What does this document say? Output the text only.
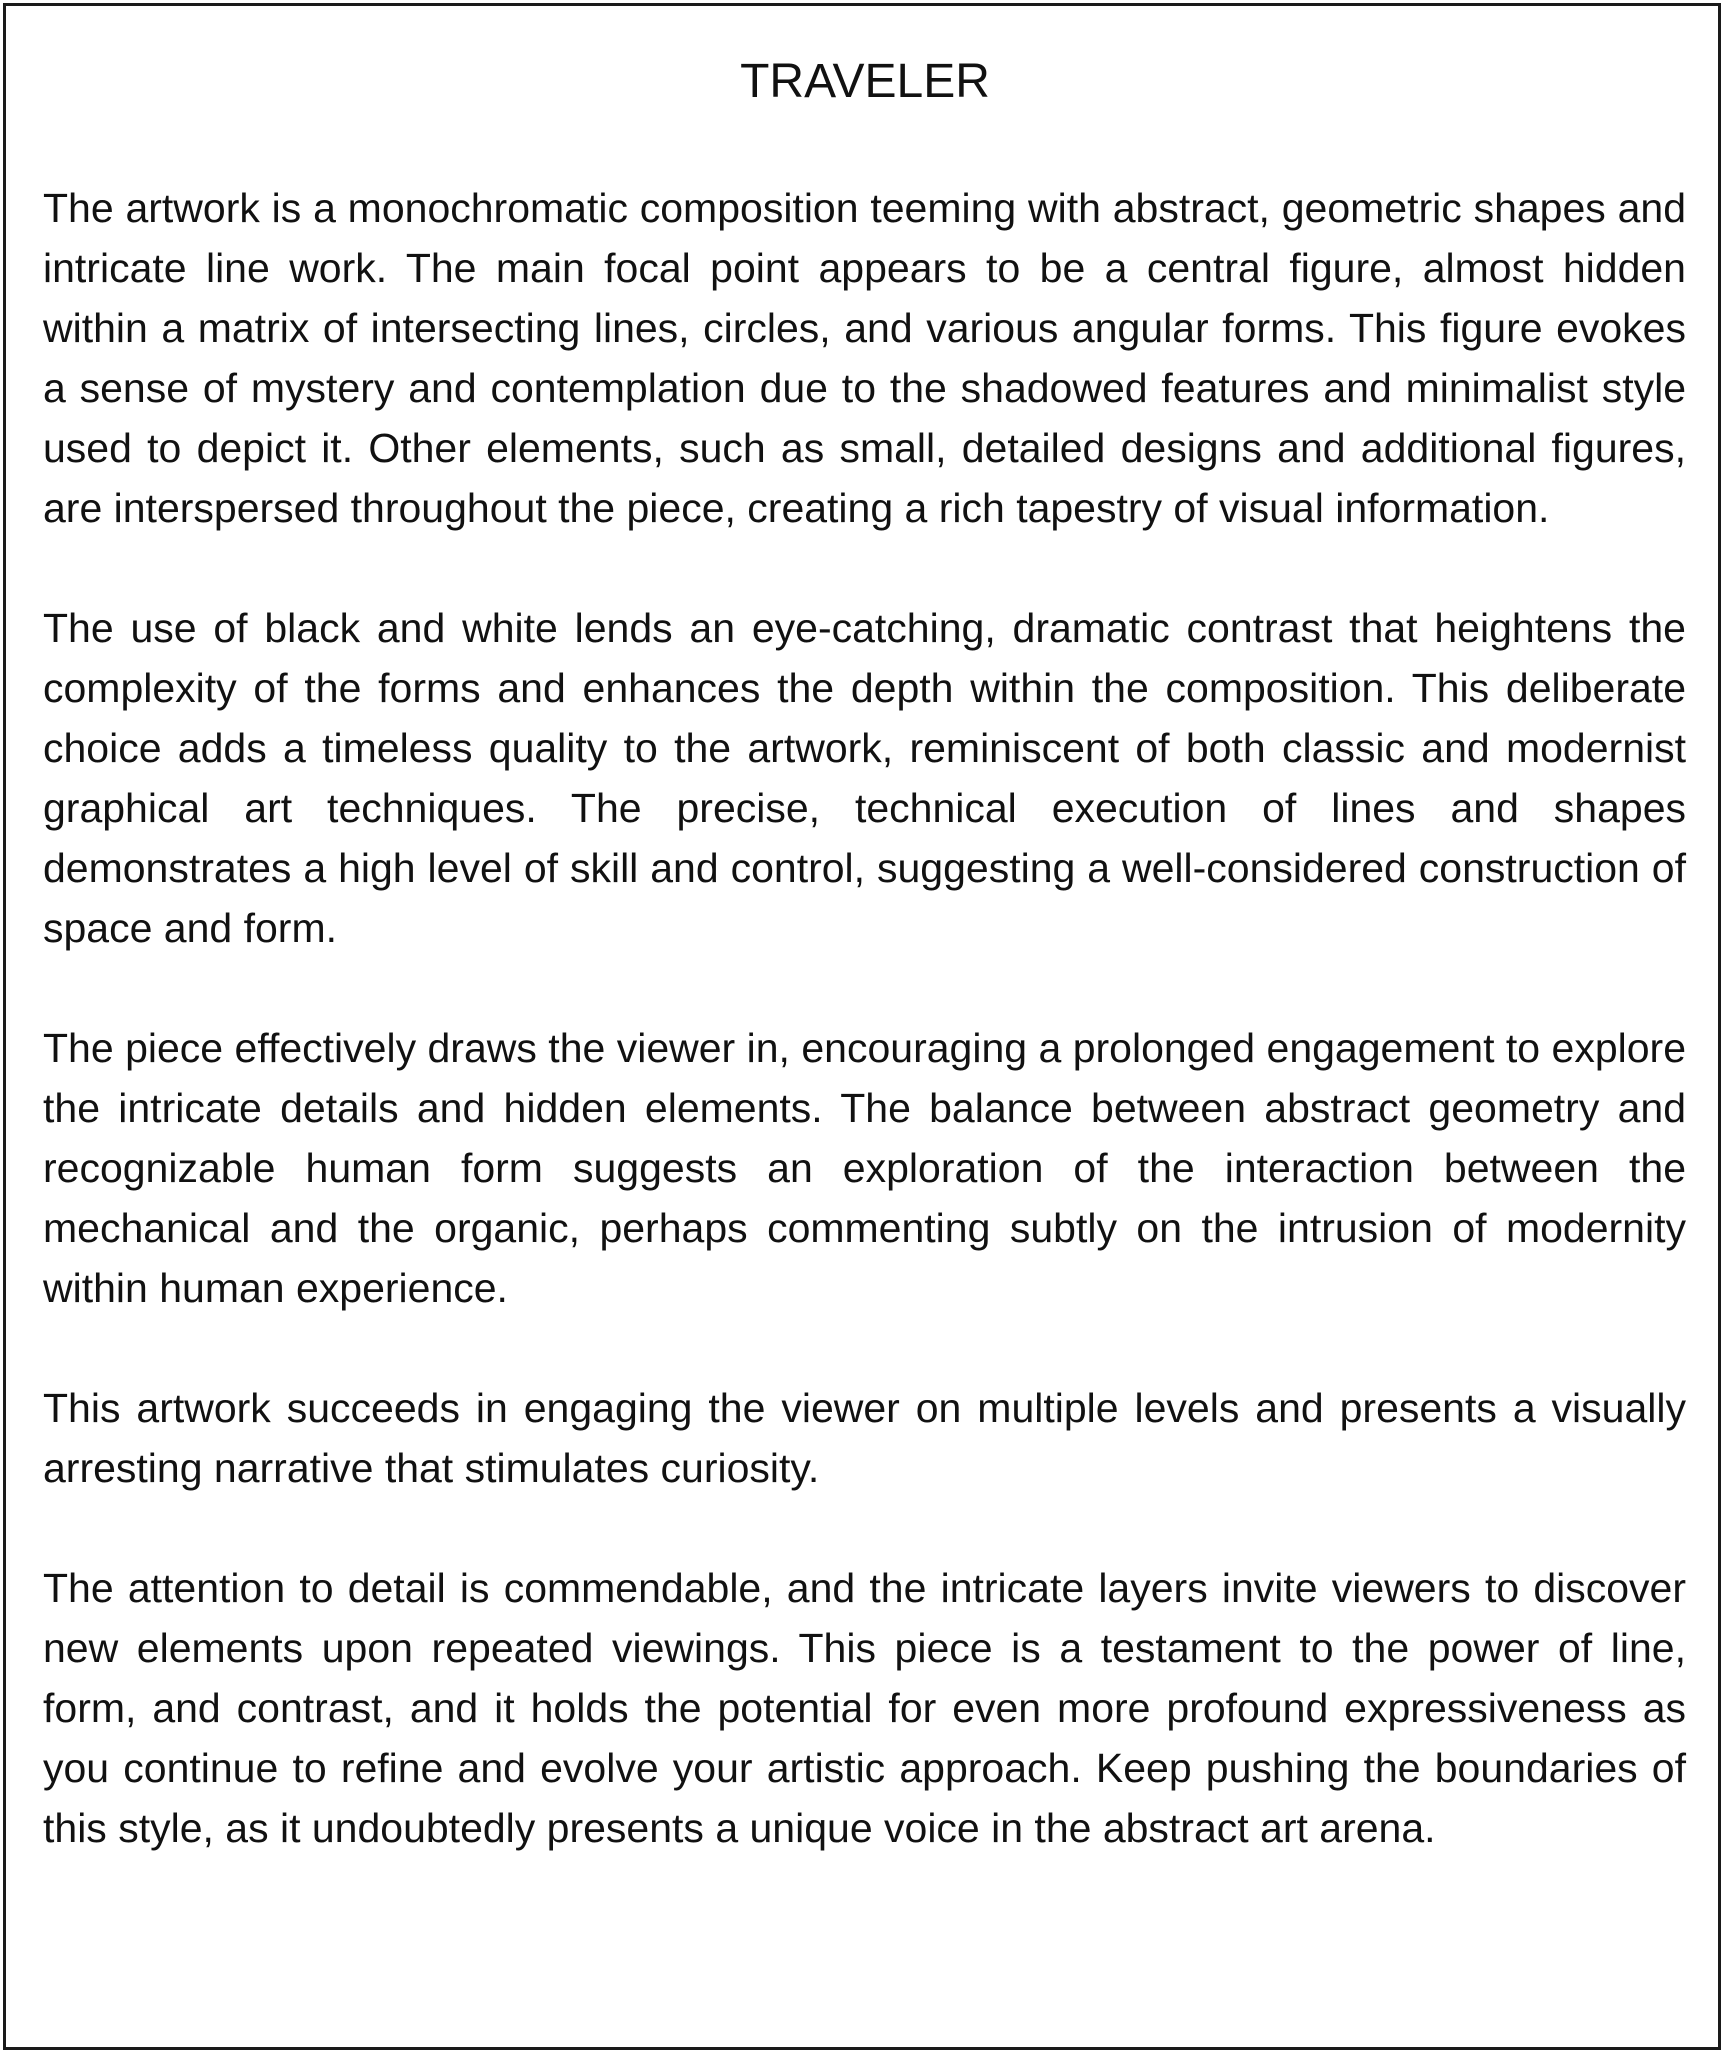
TRAVELER

The artwork is a monochromatic composition teeming with abstract, geometric shapes and intricate line work. The main focal point appears to be a central figure, almost hidden within a matrix of intersecting lines, circles, and various angular forms. This figure evokes a sense of mystery and contemplation due to the shadowed features and minimalist style used to depict it. Other elements, such as small, detailed designs and additional figures, are interspersed throughout the piece, creating a rich tapestry of visual information.

The use of black and white lends an eye-catching, dramatic contrast that heightens the complexity of the forms and enhances the depth within the composition. This deliberate choice adds a timeless quality to the artwork, reminiscent of both classic and modernist graphical art techniques. The precise, technical execution of lines and shapes demonstrates a high level of skill and control, suggesting a well-considered construction of space and form.

The piece effectively draws the viewer in, encouraging a prolonged engagement to explore the intricate details and hidden elements. The balance between abstract geometry and recognizable human form suggests an exploration of the interaction between the mechanical and the organic, perhaps commenting subtly on the intrusion of modernity within human experience.

This artwork succeeds in engaging the viewer on multiple levels and presents a visually arresting narrative that stimulates curiosity.

The attention to detail is commendable, and the intricate layers invite viewers to discover new elements upon repeated viewings. This piece is a testament to the power of line, form, and contrast, and it holds the potential for even more profound expressiveness as you continue to refine and evolve your artistic approach. Keep pushing the boundaries of this style, as it undoubtedly presents a unique voice in the abstract art arena.
